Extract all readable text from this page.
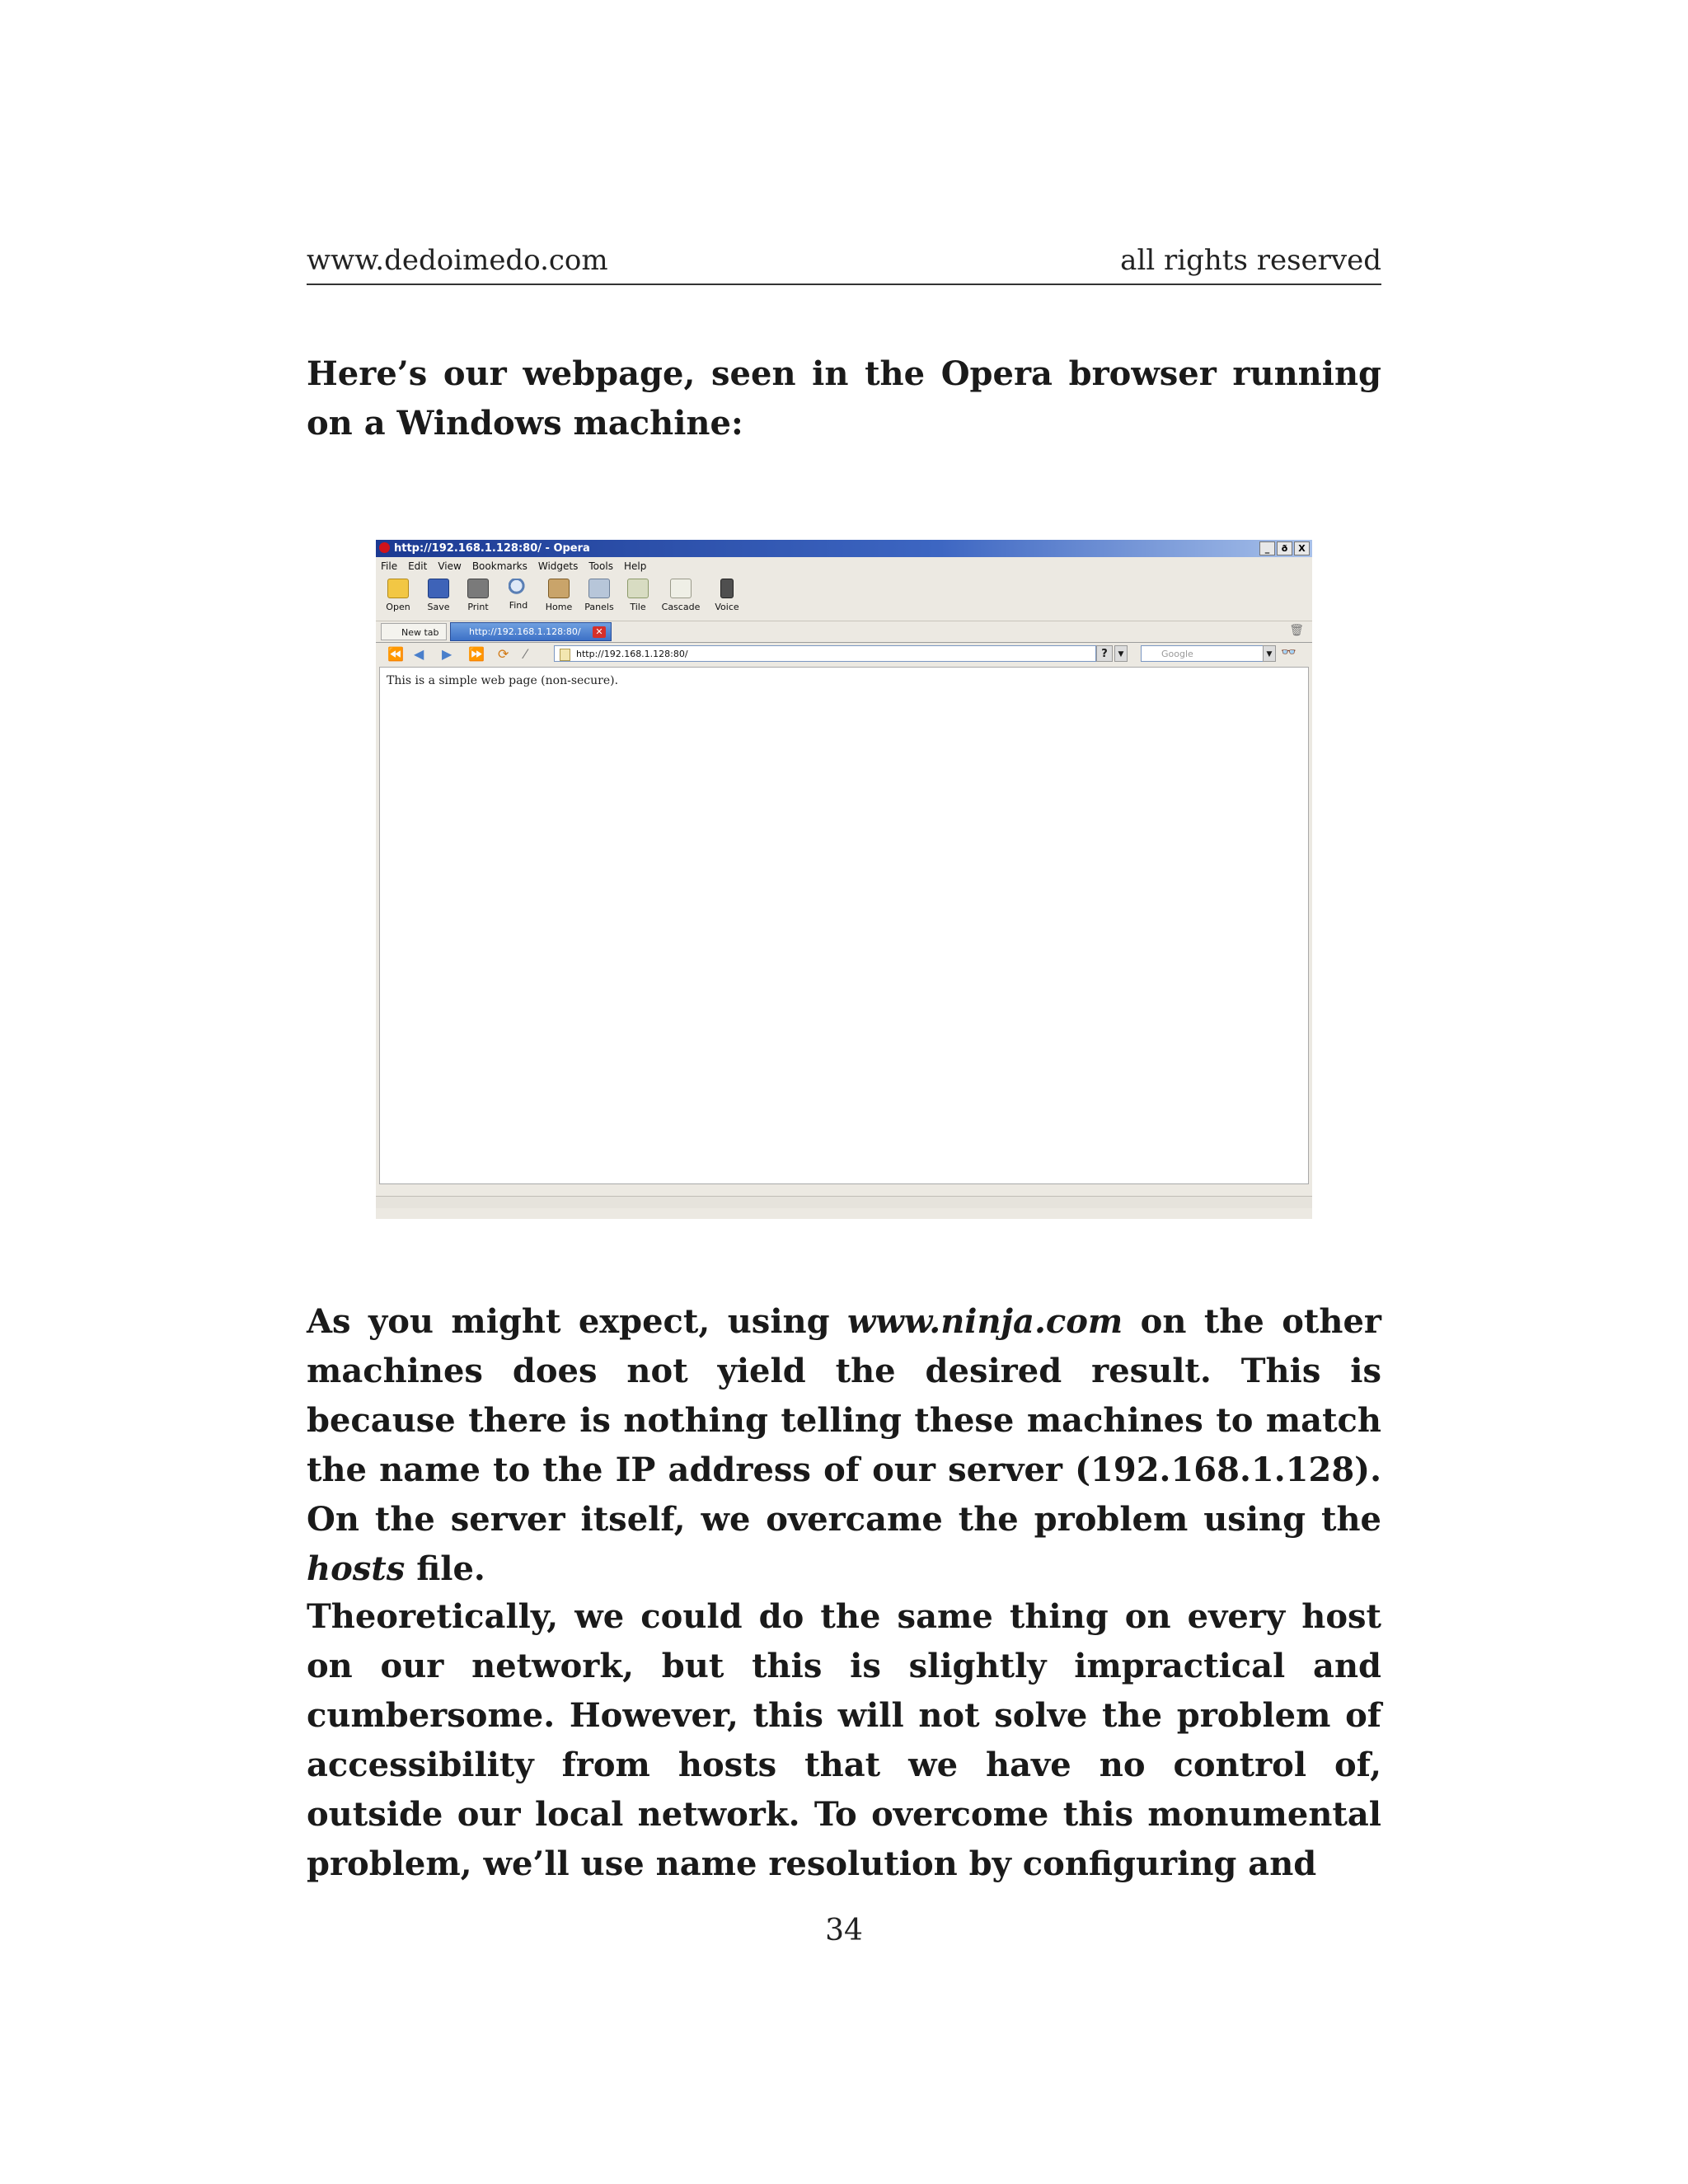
www.dedoimedo.com	all rights reserved
Here’s our webpage, seen in the Opera browser running on a Windows machine:
http://192.168.1.128:80/ - Opera	_	ð	X
File	Edit	View	Bookmarks	Widgets	Tools	Help
Open	Save	Print	Find	Home	Panels	Tile	Cascade	Voice
New tab	http://192.168.1.128:80/	✕	🗑
⏪ ◀ ▶ ⏩ ⟳ ⁄	http://192.168.1.128:80/	?	▼	Google	▼ 👓
This is a simple web page (non-secure).
As you might expect, using www.ninja.com on the other machines does not yield the desired result. This is because there is nothing telling these machines to match the name to the IP address of our server (192.168.1.128). On the server itself, we overcame the problem using the hosts file.
Theoretically, we could do the same thing on every host on our network, but this is slightly impractical and cumbersome. However, this will not solve the problem of accessibility from hosts that we have no control of, outside our local network. To overcome this monumental problem, we’ll use name resolution by configuring and
34
